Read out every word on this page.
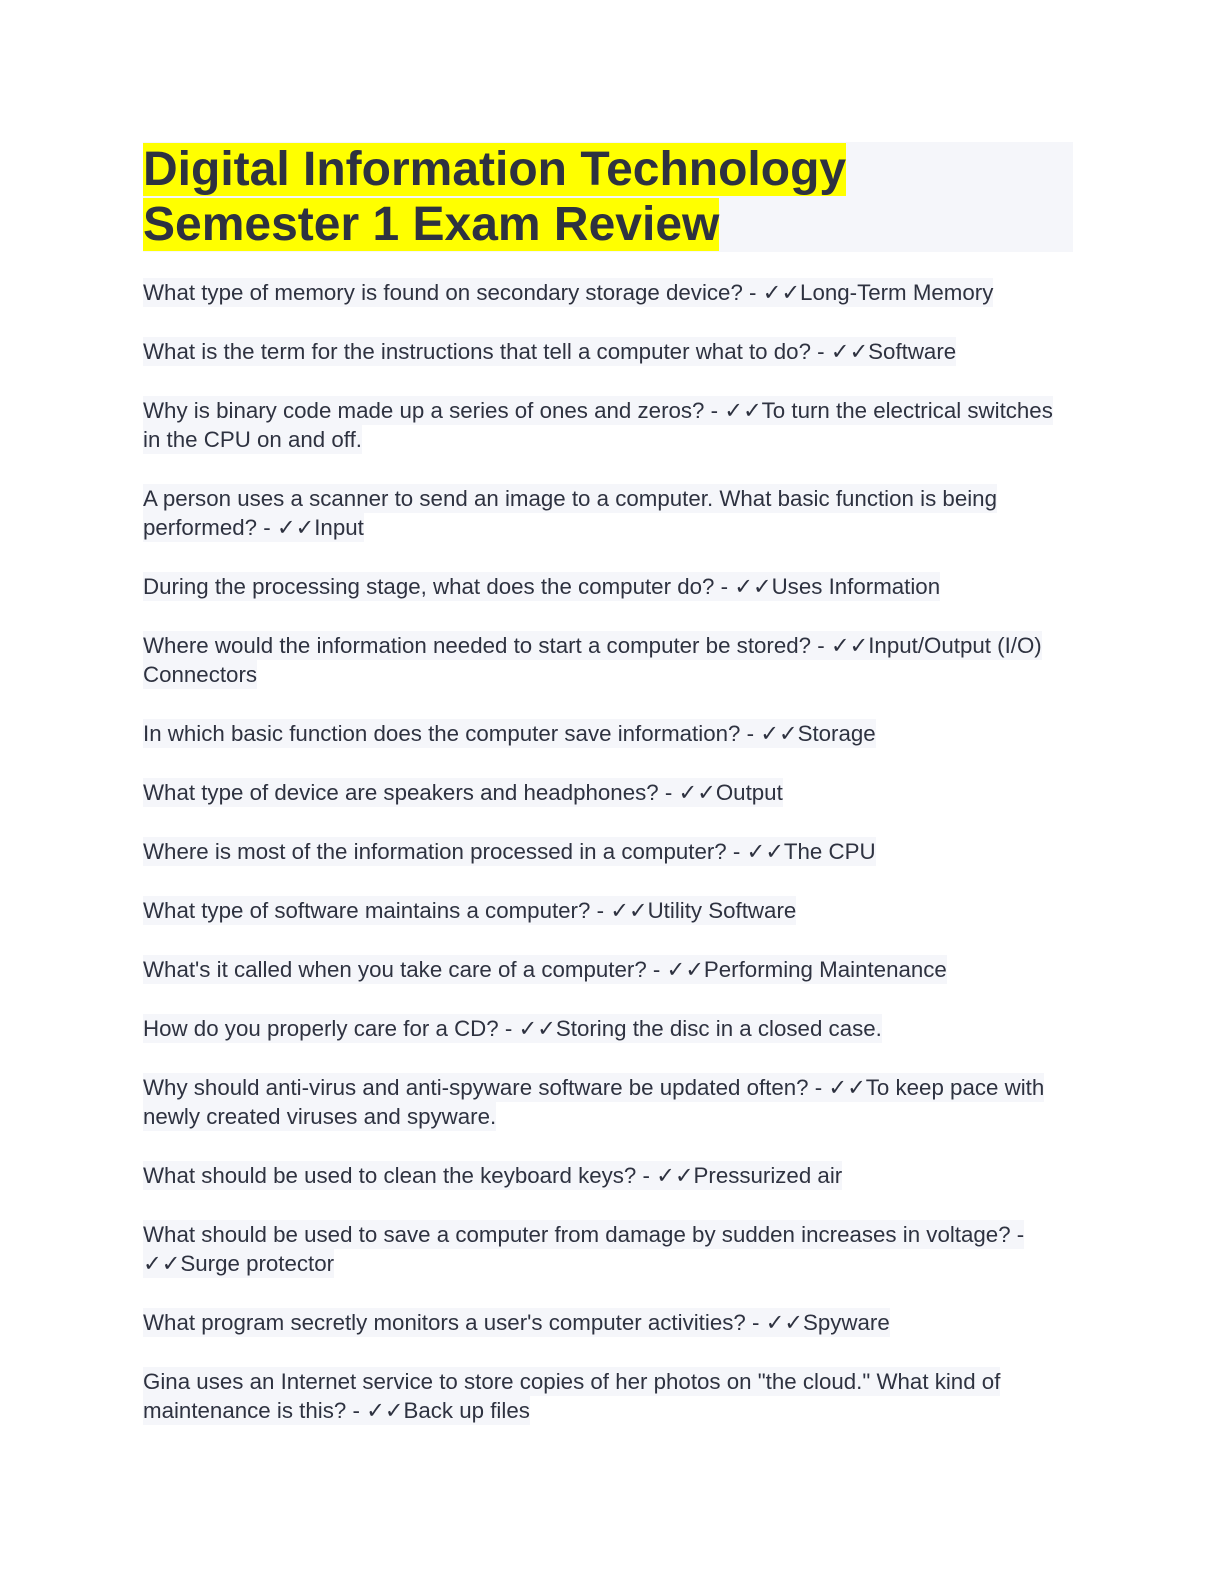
Digital Information Technology Semester 1 Exam Review

What type of memory is found on secondary storage device? - ✓✓Long-Term Memory

What is the term for the instructions that tell a computer what to do? - ✓✓Software

Why is binary code made up a series of ones and zeros? - ✓✓To turn the electrical switches in the CPU on and off.

A person uses a scanner to send an image to a computer. What basic function is being performed? - ✓✓Input

During the processing stage, what does the computer do? - ✓✓Uses Information

Where would the information needed to start a computer be stored? - ✓✓Input/Output (I/O) Connectors

In which basic function does the computer save information? - ✓✓Storage

What type of device are speakers and headphones? - ✓✓Output

Where is most of the information processed in a computer? - ✓✓The CPU

What type of software maintains a computer? - ✓✓Utility Software

What's it called when you take care of a computer? - ✓✓Performing Maintenance

How do you properly care for a CD? - ✓✓Storing the disc in a closed case.

Why should anti-virus and anti-spyware software be updated often? - ✓✓To keep pace with newly created viruses and spyware.

What should be used to clean the keyboard keys? - ✓✓Pressurized air

What should be used to save a computer from damage by sudden increases in voltage? - ✓✓Surge protector

What program secretly monitors a user's computer activities? - ✓✓Spyware

Gina uses an Internet service to store copies of her photos on "the cloud." What kind of maintenance is this? - ✓✓Back up files
